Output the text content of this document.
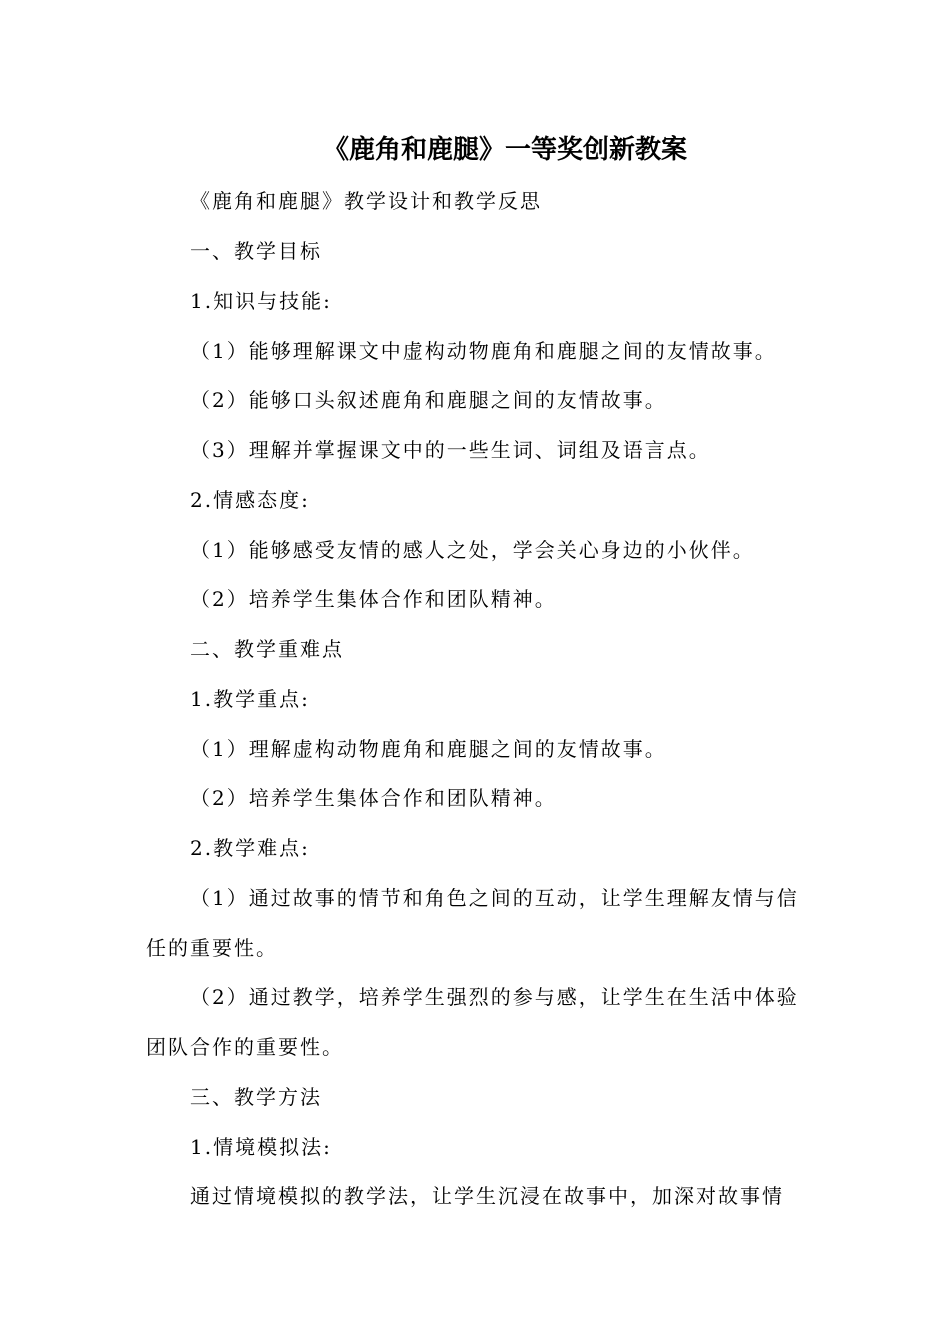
《鹿角和鹿腿》一等奖创新教案
《鹿角和鹿腿》教学设计和教学反思
一、教学目标
1.知识与技能:
（1）能够理解课文中虚构动物鹿角和鹿腿之间的友情故事。
（2）能够口头叙述鹿角和鹿腿之间的友情故事。
（3）理解并掌握课文中的一些生词、词组及语言点。
2.情感态度:
（1）能够感受友情的感人之处，学会关心身边的小伙伴。
（2）培养学生集体合作和团队精神。
二、教学重难点
1.教学重点:
（1）理解虚构动物鹿角和鹿腿之间的友情故事。
（2）培养学生集体合作和团队精神。
2.教学难点:
（1）通过故事的情节和角色之间的互动，让学生理解友情与信
任的重要性。
（2）通过教学，培养学生强烈的参与感，让学生在生活中体验
团队合作的重要性。
三、教学方法
1.情境模拟法:
通过情境模拟的教学法，让学生沉浸在故事中，加深对故事情
